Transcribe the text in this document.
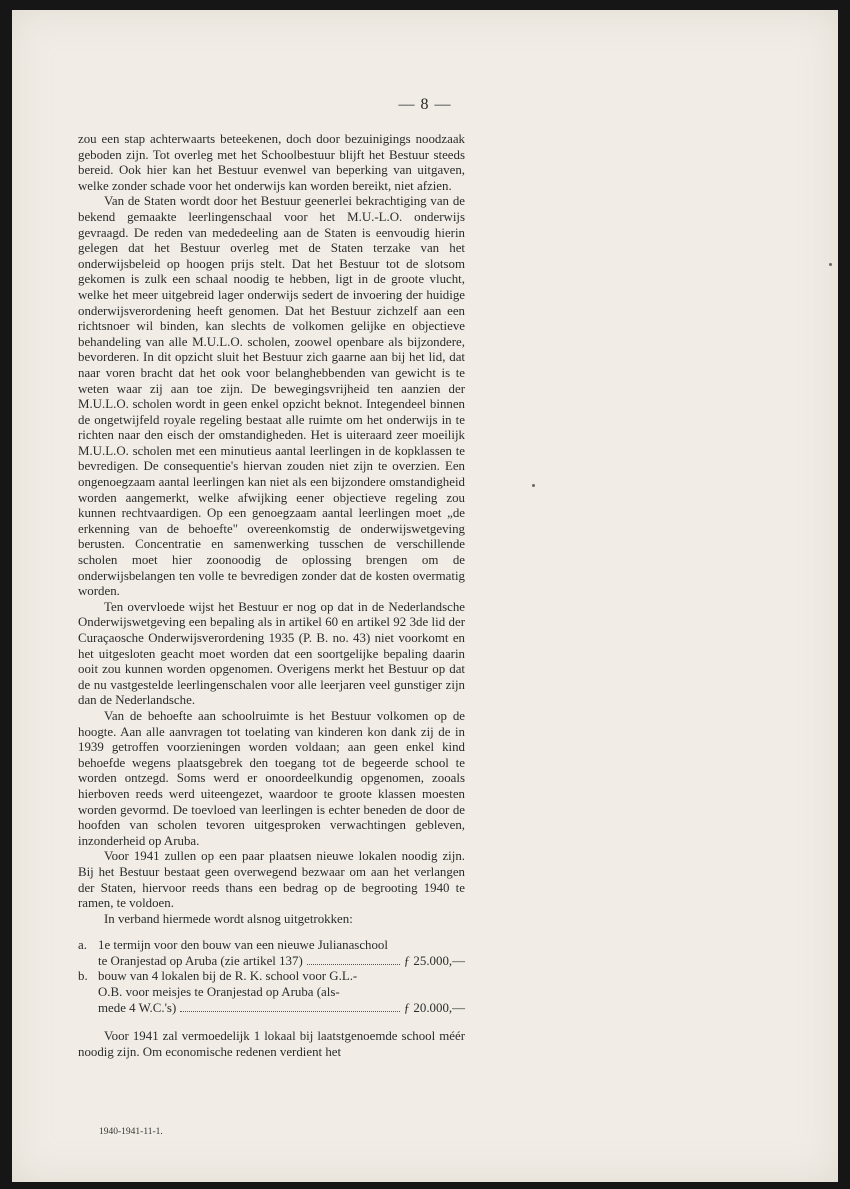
— 8 —

zou een stap achterwaarts beteekenen, doch door bezuinigings noodzaak geboden zijn. Tot overleg met het Schoolbestuur blijft het Bestuur steeds bereid. Ook hier kan het Bestuur evenwel van beperking van uitgaven, welke zonder schade voor het onderwijs kan worden bereikt, niet afzien.

Van de Staten wordt door het Bestuur geenerlei bekrachtiging van de bekend gemaakte leerlingenschaal voor het M.U.-L.O. onderwijs gevraagd. De reden van mededeeling aan de Staten is eenvoudig hierin gelegen dat het Bestuur overleg met de Staten terzake van het onderwijsbeleid op hoogen prijs stelt. Dat het Bestuur tot de slotsom gekomen is zulk een schaal noodig te hebben, ligt in de groote vlucht, welke het meer uitgebreid lager onderwijs sedert de invoering der huidige onderwijsverordening heeft genomen. Dat het Bestuur zichzelf aan een richtsnoer wil binden, kan slechts de volkomen gelijke en objectieve behandeling van alle M.U.L.O. scholen, zoowel openbare als bijzondere, bevorderen. In dit opzicht sluit het Bestuur zich gaarne aan bij het lid, dat naar voren bracht dat het ook voor belanghebbenden van gewicht is te weten waar zij aan toe zijn. De bewegingsvrijheid ten aanzien der M.U.L.O. scholen wordt in geen enkel opzicht beknot. Integendeel binnen de ongetwijfeld royale regeling bestaat alle ruimte om het onderwijs in te richten naar den eisch der omstandigheden. Het is uiteraard zeer moeilijk M.U.L.O. scholen met een minutieus aantal leerlingen in de kopklassen te bevredigen. De consequentie's hiervan zouden niet zijn te overzien. Een ongenoegzaam aantal leerlingen kan niet als een bijzondere omstandigheid worden aangemerkt, welke afwijking eener objectieve regeling zou kunnen rechtvaardigen. Op een genoegzaam aantal leerlingen moet „de erkenning van de behoefte" overeenkomstig de onderwijswetgeving berusten. Concentratie en samenwerking tusschen de verschillende scholen moet hier zoonoodig de oplossing brengen om de onderwijsbelangen ten volle te bevredigen zonder dat de kosten overmatig worden.

Ten overvloede wijst het Bestuur er nog op dat in de Nederlandsche Onderwijswetgeving een bepaling als in artikel 60 en artikel 92 3de lid der Curaçaosche Onderwijsverordening 1935 (P. B. no. 43) niet voorkomt en het uitgesloten geacht moet worden dat een soortgelijke bepaling daarin ooit zou kunnen worden opgenomen. Overigens merkt het Bestuur op dat de nu vastgestelde leerlingenschalen voor alle leerjaren veel gunstiger zijn dan de Nederlandsche.

Van de behoefte aan schoolruimte is het Bestuur volkomen op de hoogte. Aan alle aanvragen tot toelating van kinderen kon dank zij de in 1939 getroffen voorzieningen worden voldaan; aan geen enkel kind behoefde wegens plaatsgebrek den toegang tot de begeerde school te worden ontzegd. Soms werd er onoordeelkundig opgenomen, zooals hierboven reeds werd uiteengezet, waardoor te groote klassen moesten worden gevormd. De toevloed van leerlingen is echter beneden de door de hoofden van scholen tevoren uitgesproken verwachtingen gebleven, inzonderheid op Aruba.

Voor 1941 zullen op een paar plaatsen nieuwe lokalen noodig zijn. Bij het Bestuur bestaat geen overwegend bezwaar om aan het verlangen der Staten, hiervoor reeds thans een bedrag op de begrooting 1940 te ramen, te voldoen.

In verband hiermede wordt alsnog uitgetrokken:

a. 1e termijn voor den bouw van een nieuwe Julianaschool
te Oranjestad op Aruba (zie artikel 137)	ƒ 25.000,—
b. bouw van 4 lokalen bij de R. K. school voor G.L.-
O.B. voor meisjes te Oranjestad op Aruba (als-
mede 4 W.C.'s)	ƒ 20.000,—

Voor 1941 zal vermoedelijk 1 lokaal bij laatstgenoemde school méér noodig zijn. Om economische redenen verdient het

1940-1941-11-1.
